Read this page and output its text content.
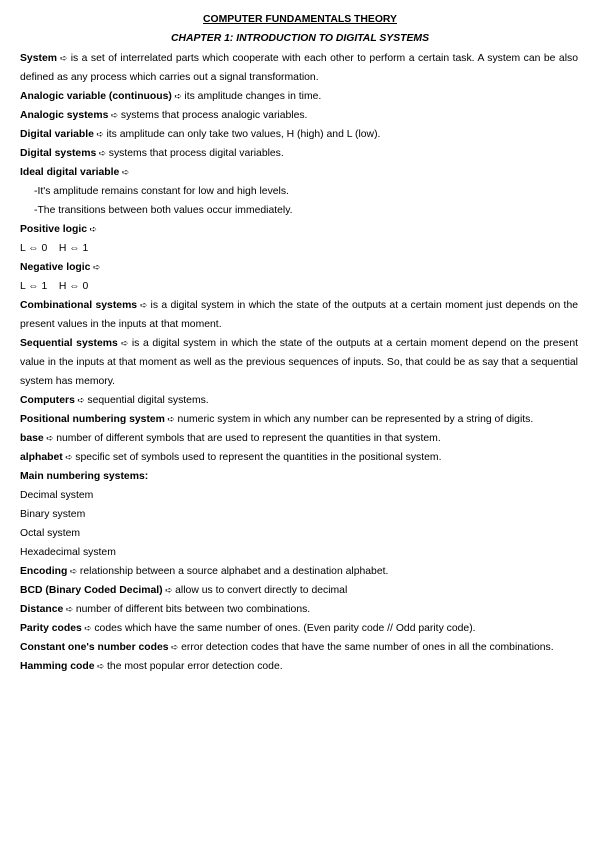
COMPUTER FUNDAMENTALS THEORY
CHAPTER 1: INTRODUCTION TO DIGITAL SYSTEMS
System ➪ is a set of interrelated parts which cooperate with each other to perform a certain task. A system can be also defined as any process which carries out a signal transformation.
Analogic variable (continuous) ➪ its amplitude changes in time.
Analogic systems ➪ systems that process analogic variables.
Digital variable ➪ its amplitude can only take two values, H (high) and L (low).
Digital systems ➪ systems that process digital variables.
Ideal digital variable ➪
-It's amplitude remains constant for low and high levels.
-The transitions between both values occur immediately.
Positive logic ➪
L ⇔ 0    H ⇔ 1
Negative logic ➪
L ⇔ 1    H ⇔ 0
Combinational systems ➪ is a digital system in which the state of the outputs at a certain moment just depends on the present values in the inputs at that moment.
Sequential systems ➪ is a digital system in which the state of the outputs at a certain moment depend on the present value in the inputs at that moment as well as the previous sequences of inputs. So, that could be as say that a sequential system has memory.
Computers ➪ sequential digital systems.
Positional numbering system ➪ numeric system in which any number can be represented by a string of digits.
base ➪ number of different symbols that are used to represent the quantities in that system.
alphabet ➪ specific set of symbols used to represent the quantities in the positional system.
Main numbering systems:
Decimal system
Binary system
Octal system
Hexadecimal system
Encoding ➪ relationship between a source alphabet and a destination alphabet.
BCD (Binary Coded Decimal) ➪ allow us to convert directly to decimal
Distance ➪ number of different bits between two combinations.
Parity codes ➪ codes which have the same number of ones. (Even parity code // Odd parity code).
Constant one's number codes ➪ error detection codes that have the same number of ones in all the combinations.
Hamming code ➪ the most popular error detection code.
